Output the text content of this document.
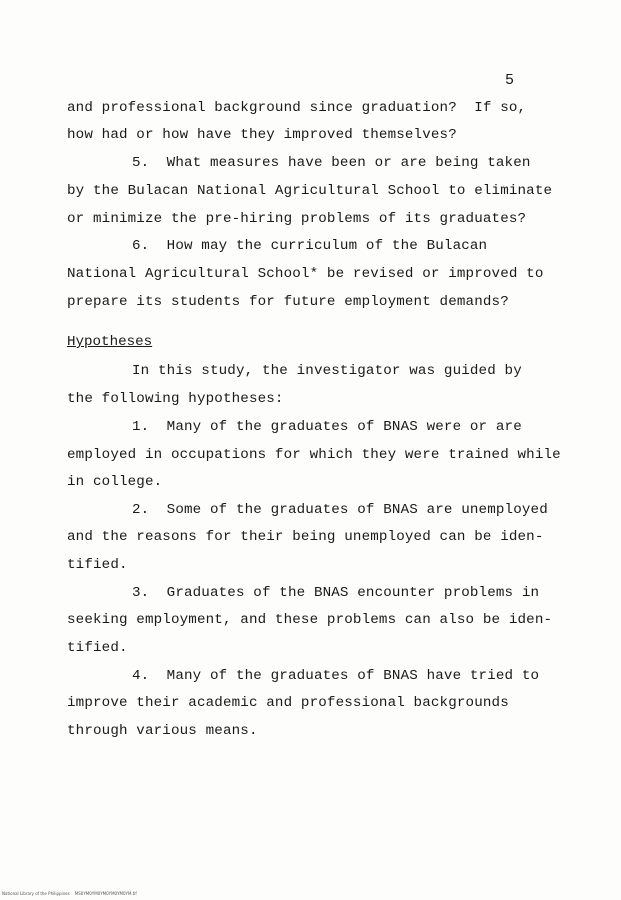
5
and professional background since graduation?  If so,
how had or how have they improved themselves?
5.  What measures have been or are being taken
by the Bulacan National Agricultural School to eliminate
or minimize the pre-hiring problems of its graduates?
6.  How may the curriculum of the Bulacan
National Agricultural School* be revised or improved to
prepare its students for future employment demands?
Hypotheses
In this study, the investigator was guided by
the following hypotheses:
1.  Many of the graduates of BNAS were or are
employed in occupations for which they were trained while
in college.
2.  Some of the graduates of BNAS are unemployed
and the reasons for their being unemployed can be iden-
tified.
3.  Graduates of the BNAS encounter problems in
seeking employment, and these problems can also be iden-
tified.
4.  Many of the graduates of BNAS have tried to
improve their academic and professional backgrounds
through various means.
National Library of the Philippines    MS0YM0YM0YM0YM0YM0YM.tif
